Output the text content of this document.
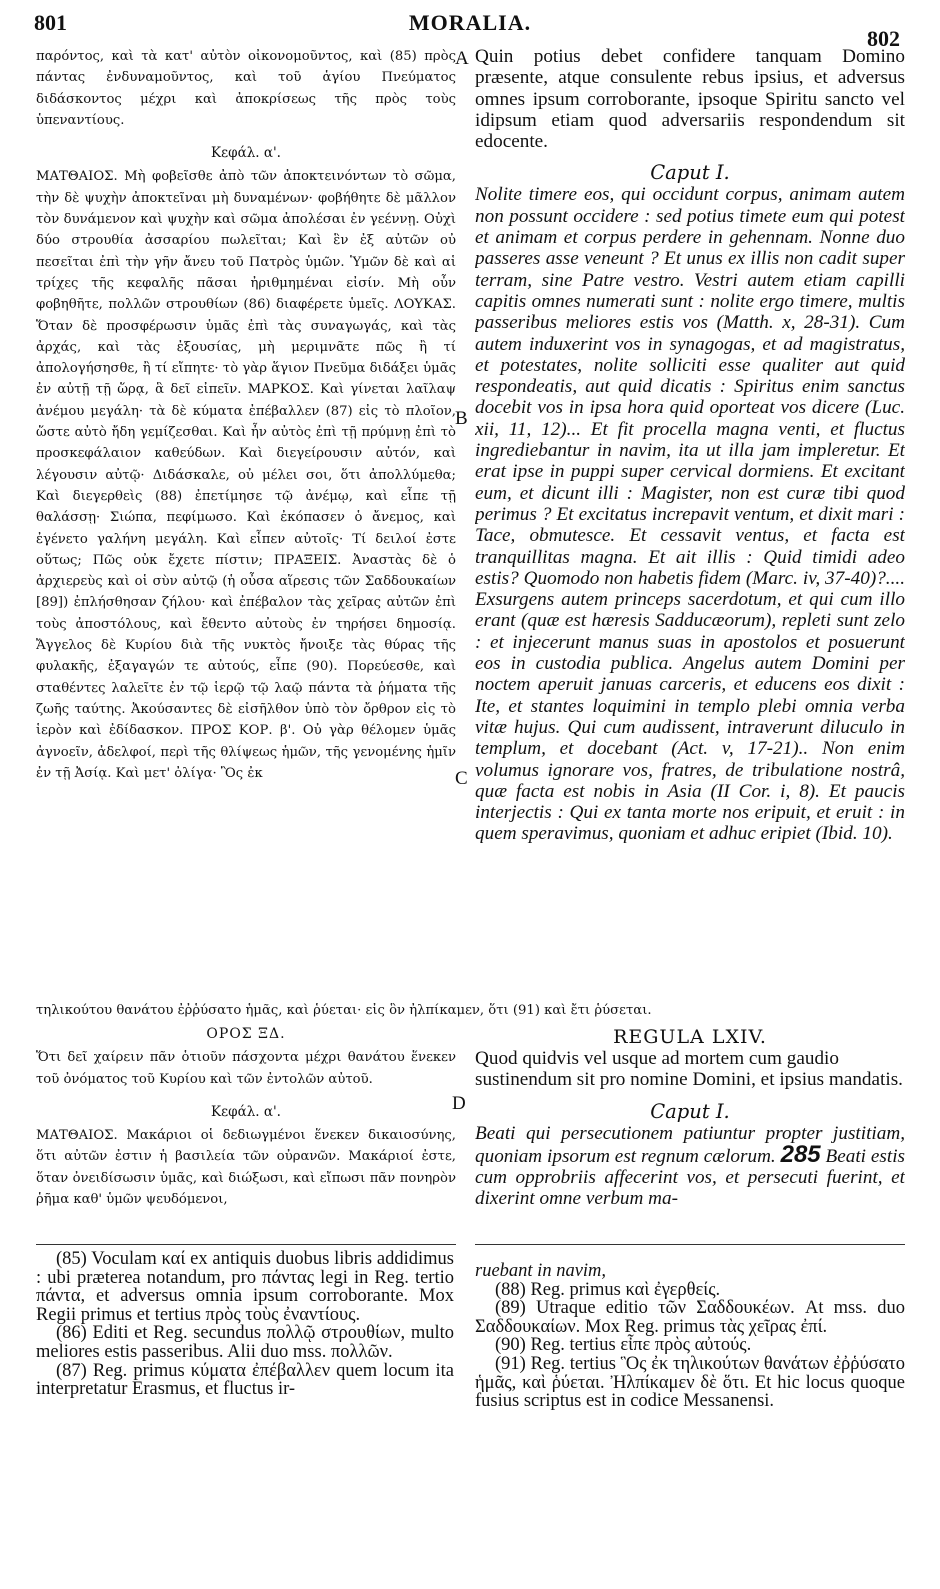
801	MORALIA.
802
A
B
C
D

παρόντος, καὶ τὰ κατ' αὐτὸν οἰκονομοῦντος, καὶ (85) πρὸς πάντας ἐνδυναμοῦντος, καὶ τοῦ ἁγίου Πνεύματος διδάσκοντος μέχρι καὶ ἀποκρίσεως τῆς πρὸς τοὺς ὑπεναντίους.

Κεφάλ. α'.

ΜΑΤΘΑΙΟΣ. Μὴ φοβεῖσθε ἀπὸ τῶν ἀποκτεινόντων τὸ σῶμα, τὴν δὲ ψυχὴν ἀποκτεῖναι μὴ δυναμένων· φοβήθητε δὲ μᾶλλον τὸν δυνάμενον καὶ ψυχὴν καὶ σῶμα ἀπολέσαι ἐν γεέννῃ. Οὐχὶ δύο στρουθία ἀσσαρίου πωλεῖται; Καὶ ἓν ἐξ αὐτῶν οὐ πεσεῖται ἐπὶ τὴν γῆν ἄνευ τοῦ Πατρὸς ὑμῶν. Ὑμῶν δὲ καὶ αἱ τρίχες τῆς κεφαλῆς πᾶσαι ἠριθμημέναι εἰσίν. Μὴ οὖν φοβηθῆτε, πολλῶν στρουθίων (86) διαφέρετε ὑμεῖς. ΛΟΥΚΑΣ. Ὅταν δὲ προσφέρωσιν ὑμᾶς ἐπὶ τὰς συναγωγάς, καὶ τὰς ἀρχάς, καὶ τὰς ἐξουσίας, μὴ μεριμνᾶτε πῶς ἢ τί ἀπολογήσησθε, ἢ τί εἴπητε· τὸ γὰρ ἅγιον Πνεῦμα διδάξει ὑμᾶς ἐν αὐτῇ τῇ ὥρᾳ, ἃ δεῖ εἰπεῖν. ΜΑΡΚΟΣ. Καὶ γίνεται λαῖλαψ ἀνέμου μεγάλη· τὰ δὲ κύματα ἐπέβαλλεν (87) εἰς τὸ πλοῖον, ὥστε αὐτὸ ἤδη γεμίζεσθαι. Καὶ ἦν αὐτὸς ἐπὶ τῇ πρύμνῃ ἐπὶ τὸ προσκεφάλαιον καθεύδων. Καὶ διεγείρουσιν αὐτόν, καὶ λέγουσιν αὐτῷ· Διδάσκαλε, οὐ μέλει σοι, ὅτι ἀπολλύμεθα; Καὶ διεγερθεὶς (88) ἐπετίμησε τῷ ἀνέμῳ, καὶ εἶπε τῇ θαλάσσῃ· Σιώπα, πεφίμωσο. Καὶ ἐκόπασεν ὁ ἄνεμος, καὶ ἐγένετο γαλήνη μεγάλη. Καὶ εἶπεν αὐτοῖς· Τί δειλοί ἐστε οὕτως; Πῶς οὐκ ἔχετε πίστιν; ΠΡΑΞΕΙΣ. Ἀναστὰς δὲ ὁ ἀρχιερεὺς καὶ οἱ σὺν αὐτῷ (ἡ οὖσα αἵρεσις τῶν Σαδδουκαίων [89]) ἐπλήσθησαν ζήλου· καὶ ἐπέβαλον τὰς χεῖρας αὐτῶν ἐπὶ τοὺς ἀποστόλους, καὶ ἔθεντο αὐτοὺς ἐν τηρήσει δημοσίᾳ. Ἄγγελος δὲ Κυρίου διὰ τῆς νυκτὸς ἤνοιξε τὰς θύρας τῆς φυλακῆς, ἐξαγαγών τε αὐτούς, εἶπε (90). Πορεύεσθε, καὶ σταθέντες λαλεῖτε ἐν τῷ ἱερῷ τῷ λαῷ πάντα τὰ ῥήματα τῆς ζωῆς ταύτης. Ἀκούσαντες δὲ εἰσῆλθον ὑπὸ τὸν ὄρθρον εἰς τὸ ἱερὸν καὶ ἐδίδασκον. ΠΡΟΣ ΚΟΡ. β'. Οὐ γὰρ θέλομεν ὑμᾶς ἀγνοεῖν, ἀδελφοί, περὶ τῆς θλίψεως ἡμῶν, τῆς γενομένης ἡμῖν ἐν τῇ Ἀσίᾳ. Καὶ μετ' ὀλίγα· Ὃς ἐκ

Quin potius debet confidere tanquam Domino præsente, atque consulente rebus ipsius, et adversus omnes ipsum corroborante, ipsoque Spiritu sancto vel idipsum etiam quod adversariis respondendum sit edocente.

Caput I.

Nolite timere eos, qui occidunt corpus, animam autem non possunt occidere : sed potius timete eum qui potest et animam et corpus perdere in gehennam. Nonne duo passeres asse veneunt ? Et unus ex illis non cadit super terram, sine Patre vestro. Vestri autem etiam capilli capitis omnes numerati sunt : nolite ergo timere, multis passeribus meliores estis vos (Matth. x, 28-31). Cum autem induxerint vos in synagogas, et ad magistratus, et potestates, nolite solliciti esse qualiter aut quid respondeatis, aut quid dicatis : Spiritus enim sanctus docebit vos in ipsa hora quid oporteat vos dicere (Luc. xii, 11, 12)... Et fit procella magna venti, et fluctus ingrediebantur in navim, ita ut illa jam impleretur. Et erat ipse in puppi super cervical dormiens. Et excitant eum, et dicunt illi : Magister, non est curæ tibi quod perimus ? Et excitatus increpavit ventum, et dixit mari : Tace, obmutesce. Et cessavit ventus, et facta est tranquillitas magna. Et ait illis : Quid timidi adeo estis? Quomodo non habetis fidem (Marc. iv, 37-40)?.... Exsurgens autem princeps sacerdotum, et qui cum illo erant (quæ est hæresis Sadducæorum), repleti sunt zelo : et injecerunt manus suas in apostolos et posuerunt eos in custodia publica. Angelus autem Domini per noctem aperuit januas carceris, et educens eos dixit : Ite, et stantes loquimini in templo plebi omnia verba vitæ hujus. Qui cum audissent, intraverunt diluculo in templum, et docebant (Act. v, 17-21).. Non enim volumus ignorare vos, fratres, de tribulatione nostrâ, quæ facta est nobis in Asia (II Cor. i, 8). Et paucis interjectis : Qui ex tanta morte nos eripuit, et eruit : in quem speravimus, quoniam et adhuc eripiet (Ibid. 10).

τηλικούτου θανάτου ἐῤῥύσατο ἡμᾶς, καὶ ῥύεται· εἰς ὃν ἠλπίκαμεν, ὅτι (91) καὶ ἔτι ῥύσεται.

ΟΡΟΣ ΞΔ.

Ὅτι δεῖ χαίρειν πᾶν ὁτιοῦν πάσχοντα μέχρι θανάτου ἕνεκεν τοῦ ὀνόματος τοῦ Κυρίου καὶ τῶν ἐντολῶν αὐτοῦ.

Κεφάλ. α'.

ΜΑΤΘΑΙΟΣ. Μακάριοι οἱ δεδιωγμένοι ἕνεκεν δικαιοσύνης, ὅτι αὐτῶν ἐστιν ἡ βασιλεία τῶν οὐρανῶν. Μακάριοί ἐστε, ὅταν ὀνειδίσωσιν ὑμᾶς, καὶ διώξωσι, καὶ εἴπωσι πᾶν πονηρὸν ῥῆμα καθ' ὑμῶν ψευδόμενοι,

REGULA LXIV.

Quod quidvis vel usque ad mortem cum gaudio sustinendum sit pro nomine Domini, et ipsius mandatis.

Caput I.

Beati qui persecutionem patiuntur propter justitiam, quoniam ipsorum est regnum cælorum. 285 Beati estis cum opprobriis affecerint vos, et persecuti fuerint, et dixerint omne verbum ma-

(85) Voculam καί ex antiquis duobus libris addidimus : ubi præterea notandum, pro πάντας legi in Reg. tertio πάντα, et adversus omnia ipsum corroborante. Mox Regii primus et tertius πρὸς τοὺς ἐναντίους.

(86) Editi et Reg. secundus πολλῷ στρουθίων, multo meliores estis passeribus. Alii duo mss. πολλῶν.

(87) Reg. primus κύματα ἐπέβαλλεν quem locum ita interpretatur Erasmus, et fluctus ir-

ruebant in navim,

(88) Reg. primus καὶ ἐγερθείς.

(89) Utraque editio τῶν Σαδδουκέων. At mss. duo Σαδδουκαίων. Mox Reg. primus τὰς χεῖρας ἐπί.

(90) Reg. tertius εἶπε πρὸς αὐτούς.

(91) Reg. tertius Ὃς ἐκ τηλικούτων θανάτων ἐῤῥύσατο ἡμᾶς, καὶ ῥύεται. Ἠλπίκαμεν δὲ ὅτι. Et hic locus quoque fusius scriptus est in codice Messanensi.
